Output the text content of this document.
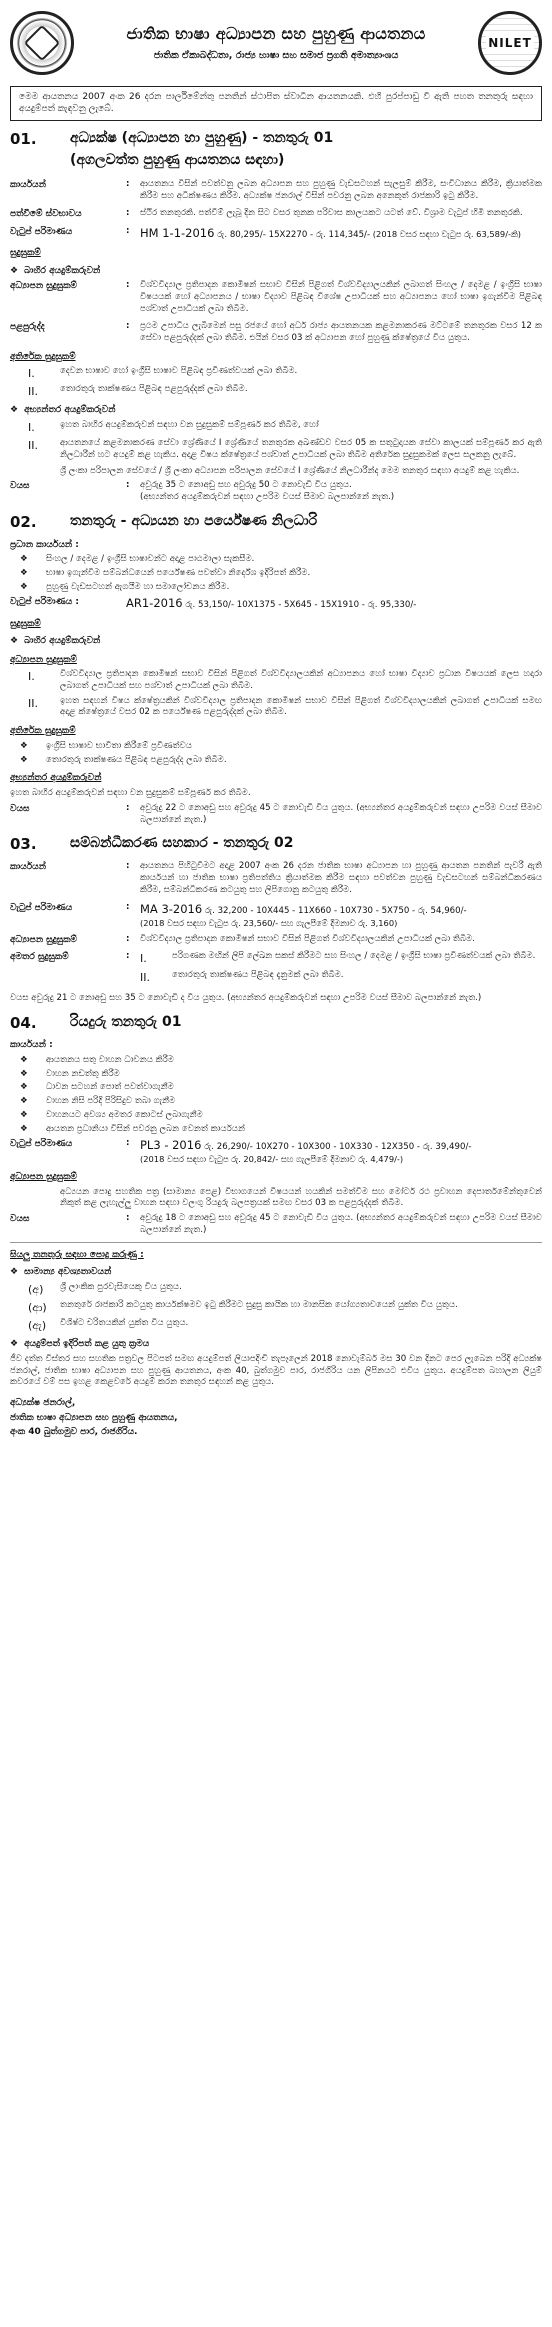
ජාතික භාෂා අධ්‍යාපන සහ පුහුණු ආයතනය
ජාතික ඒකාබද්ධතා, රාජ්‍ය භාෂා සහ සමාජ ප්‍රගති අමාත්‍යාංශය
NILET
මෙම ආයතනය 2007 අංක 26 දරන පාර්ලිමේන්තු පනතින් ස්ථාපිත ස්වාධීන ආයතනයකි. එහි පුරප්පාඩු වී ඇති පහත තනතුරු සඳහා අයදුම්පත් කැඳවනු ලැබේ.
01.	අධ්‍යක්ෂ (අධ්‍යාපන හා පුහුණු) - තනතුරු 01
(අගලවත්ත පුහුණු ආයතනය සඳහා)
කාර්යයන්	:	ආයතනය විසින් පවත්වනු ලබන අධ්‍යාපන සහ පුහුණු වැඩසටහන් සැලසුම් කිරීම, සංවිධානය කිරීම, ක්‍රියාත්මක කිරීම සහ අධීක්ෂණය කිරීම. අධ්‍යක්ෂ ජනරාල් විසින් පවරනු ලබන අනෙකුත් රාජකාරි ඉටු කිරීම.
පත්වීමේ ස්වභාවය	:	ස්ථිර තනතුරකි. පත්වීම් ලැබූ දින සිට වසර තුනක පරිවාස කාලයකට යටත් වේ. විශ්‍රාම වැටුප් හිමි තනතුරකි.
වැටුප් පරිමාණය	: HM 1-1-2016 රු. 80,295/- 15X2270 - රු. 114,345/- (2018 වසර සඳහා වැටුප රු. 63,589/-කි)
සුදුසුකම්
❖ බාහිර අයදුම්කරුවන්
අධ්‍යාපන සුදුසුකම්	:	විශ්වවිද්‍යාල ප්‍රතිපාදන කොමිෂන් සභාව විසින් පිළිගත් විශ්වවිද්‍යාලයකින් ලබාගත් සිංහල / දෙමළ / ඉංග්‍රීසි භාෂා විෂයයක් හෝ අධ්‍යාපනය / භාෂා විද්‍යාව පිළිබඳ විශේෂ උපාධියක් සහ අධ්‍යාපනය හෝ භාෂා ඉගැන්වීම පිළිබඳ පශ්චාත් උපාධියක් ලබා තිබීම.
පළපුරුද්ද	:	ප්‍රථම උපාධිය ලැබීමෙන් පසු රජයේ හෝ අර්ධ රාජ්‍ය ආයතනයක කළමනාකරණ මට්ටමේ තනතුරක වසර 12 ක සේවා පළපුරුද්දක් ලබා තිබීම. එයින් වසර 03 ක් අධ්‍යාපන හෝ පුහුණු ක්ෂේත්‍රයේ විය යුතුය.
අතිරේක සුදුසුකම්
I.	දෙවන භාෂාව හෝ ඉංග්‍රීසි භාෂාව පිළිබඳ ප්‍රවීණත්වයක් ලබා තිබීම.
II.	තොරතුරු තාක්ෂණය පිළිබඳ පළපුරුද්දක් ලබා තිබීම.
❖ අභ්‍යන්තර අයදුම්කරුවන්
I.	ඉහත බාහිර අයදුම්කරුවන් සඳහා වන සුදුසුකම් සම්පූර්ණ කර තිබීම, හෝ
II.	ආයතනයේ කළමනාකරණ සේවා ශ්‍රේණියේ I ශ්‍රේණියේ තනතුරක අඛණ්ඩව වසර 05 ක සතුටුදායක සේවා කාලයක් සම්පූර්ණ කර ඇති නිලධාරීන් හට අයදුම් කළ හැකිය. අදාළ විෂය ක්ෂේත්‍රයේ පශ්චාත් උපාධියක් ලබා තිබීම අතිරේක සුදුසුකමක් ලෙස සලකනු ලැබේ.
ශ්‍රී ලංකා පරිපාලන සේවයේ / ශ්‍රී ලංකා අධ්‍යාපන පරිපාලන සේවයේ I ශ්‍රේණියේ නිලධාරීන්ද මෙම තනතුර සඳහා අයදුම් කළ හැකිය.
වයස	:	අවුරුදු 35 ට නොඅඩු සහ අවුරුදු 50 ට නොවැඩි විය යුතුය.
(අභ්‍යන්තර අයදුම්කරුවන් සඳහා උපරිම වයස් සීමාව බලපාන්නේ නැත.)
02.	තනතුරු - අධ්‍යයන හා පර්යේෂණ නිලධාරි
ප්‍රධාන කාර්යයන් :
❖ සිංහල / දෙමළ / ඉංග්‍රීසි භාෂාවන්ට අදාළ පාඨමාලා සැකසීම.
❖ භාෂා ඉගැන්වීම සම්බන්ධයෙන් පර්යේෂණ පවත්වා නිර්දේශ ඉදිරිපත් කිරීම.
❖ පුහුණු වැඩසටහන් ඇගයීම හා සමාලෝචනය කිරීම.
වැටුප් පරිමාණය :	AR1-2016 රු. 53,150/- 10X1375 - 5X645 - 15X1910 - රු. 95,330/-
සුදුසුකම්
❖ බාහිර අයදුම්කරුවන්
අධ්‍යාපන සුදුසුකම්
I.	විශ්වවිද්‍යාල ප්‍රතිපාදන කොමිෂන් සභාව විසින් පිළිගත් විශ්වවිද්‍යාලයකින් අධ්‍යාපනය හෝ භාෂා විද්‍යාව ප්‍රධාන විෂයයක් ලෙස හදාරා ලබාගත් උපාධියක් සහ පශ්චාත් උපාධියක් ලබා තිබීම.
II.	ඉහත සඳහන් විෂය ක්ෂේත්‍රයකින් විශ්වවිද්‍යාල ප්‍රතිපාදන කොමිෂන් සභාව විසින් පිළිගත් විශ්වවිද්‍යාලයකින් ලබාගත් උපාධියක් සමඟ අදාළ ක්ෂේත්‍රයේ වසර 02 ක පර්යේෂණ පළපුරුද්දක් ලබා තිබීම.
අතිරේක සුදුසුකම්
❖ ඉංග්‍රීසි භාෂාව භාවිතා කිරීමේ ප්‍රවීණත්වය
❖ තොරතුරු තාක්ෂණය පිළිබඳ පළපුරුද්ද ලබා තිබීම.
අභ්‍යන්තර අයදුම්කරුවන්
ඉහත බාහිර අයදුම්කරුවන් සඳහා වන සුදුසුකම් සම්පූර්ණ කර තිබීම.
වයස	:	අවුරුදු 22 ට නොඅඩු සහ අවුරුදු 45 ට නොවැඩි විය යුතුය. (අභ්‍යන්තර අයදුම්කරුවන් සඳහා උපරිම වයස් සීමාව බලපාන්නේ නැත.)
03.	සම්බන්ධීකරණ සහකාර - තනතුරු 02
කාර්යයන්	:	ආයතනය පිහිටුවීමට අදාළ 2007 අංක 26 දරන ජාතික භාෂා අධ්‍යාපන හා පුහුණු ආයතන පනතින් පැවරී ඇති කාර්යයන් හා ජාතික භාෂා ප්‍රතිපත්තිය ක්‍රියාත්මක කිරීම සඳහා පවත්වන පුහුණු වැඩසටහන් සම්බන්ධීකරණය කිරීම, සම්බන්ධීකරණ කටයුතු සහ ලිපිගොනු කටයුතු කිරීම.
වැටුප් පරිමාණය	: MA 3-2016 රු. 32,200 - 10X445 - 11X660 - 10X730 - 5X750 - රු. 54,960/-
(2018 වසර සඳහා වැටුප රු. 23,560/- සහ ගැලපීමේ දීමනාව රු. 3,160)
අධ්‍යාපන සුදුසුකම්	:	විශ්වවිද්‍යාල ප්‍රතිපාදන කොමිෂන් සභාව විසින් පිළිගත් විශ්වවිද්‍යාලයකින් උපාධියක් ලබා තිබීම.
අමතර සුදුසුකම්	: I.	පරිගණක මඟින් ලිපි ලේඛන සකස් කිරීමට සහ සිංහල / දෙමළ / ඉංග්‍රීසි භාෂා ප්‍රවීණත්වයක් ලබා තිබීම.
II.	තොරතුරු තාක්ෂණය පිළිබඳ දැනුමක් ලබා තිබීම.
වයස අවුරුදු 21 ට නොඅඩු සහ 35 ට නොවැඩි ද විය යුතුය. (අභ්‍යන්තර අයදුම්කරුවන් සඳහා උපරිම වයස් සීමාව බලපාන්නේ නැත.)
04.	රියදුරු තනතුරු 01
කාර්යයන් :
❖ ආයතනය සතු වාහන ධාවනය කිරීම
❖ වාහන නඩත්තු කිරීම
❖ ධාවන සටහන් පොත් පවත්වාගැනීම
❖ වාහන නිසි පරිදි පිරිසිදුව තබා ගැනීම
❖ වාහනයට අවශ්‍ය අමතර කොටස් ලබාගැනීම
❖ ආයතන ප්‍රධානියා විසින් පවරනු ලබන වෙනත් කාර්යයන්
වැටුප් පරිමාණය	: PL3 - 2016 රු. 26,290/- 10X270 - 10X300 - 10X330 - 12X350 - රු. 39,490/-
(2018 වසර සඳහා වැටුප රු. 20,842/- සහ ගැලපීමේ දීමනාව රු. 4,479/-)
අධ්‍යාපන සුදුසුකම්
අධ්‍යයන පොදු සහතික පත්‍ර (සාමාන්‍ය පෙළ) විභාගයෙන් විෂයයන් හයකින් සමත්වීම සහ මෝටර් රථ ප්‍රවාහන දෙපාර්තමේන්තුවෙන් නිකුත් කළ ලැහැල්ලු වාහන සඳහා වලංගු රියදුරු බලපත්‍රයක් සමඟ වසර 03 ක පළපුරුද්දක් තිබීම.
වයස	:	අවුරුදු 18 ට නොඅඩු සහ අවුරුදු 45 ට නොවැඩි විය යුතුය. (අභ්‍යන්තර අයදුම්කරුවන් සඳහා උපරිම වයස් සීමාව බලපාන්නේ නැත.)
සියලු තනතුරු සඳහා පොදු කරුණු :
❖ සාමාන්‍ය අවශ්‍යතාවයන්
(අ)	ශ්‍රී ලාංකික පුරවැසියෙකු විය යුතුය.
(ආ)	තනතුරේ රාජකාරි කටයුතු කාර්යක්ෂමව ඉටු කිරීමට සුදුසු කායික හා මානසික යෝග්‍යතාවයෙන් යුක්ත විය යුතුය.
(ඇ)	විශිෂ්ට චරිතයකින් යුක්ත විය යුතුය.
❖ අයදුම්පත් ඉදිරිපත් කළ යුතු ක්‍රමය
ජීව දත්ත විස්තර සහ සහතික පත්‍රවල පිටපත් සමඟ අයදුම්පත් ලියාපදිංචි තැපෑලෙන් 2018 නොවැම්බර් මස 30 වන දිනට පෙර ලැබෙන පරිදි අධ්‍යක්ෂ ජනරාල්, ජාතික භාෂා අධ්‍යාපන සහ පුහුණු ආයතනය, අංක 40, බුත්ගමුව පාර, රාජගිරිය යන ලිපිනයට එවිය යුතුය. අයදුම්පත බහාලන ලියුම් කවරයේ වම් පස ඉහළ කෙළවරේ අයදුම් කරන තනතුර සඳහන් කළ යුතුය.
අධ්‍යක්ෂ ජනරාල්,
ජාතික භාෂා අධ්‍යාපන සහ පුහුණු ආයතනය,
අංක 40 බුත්ගමුව පාර, රාජගිරිය.
